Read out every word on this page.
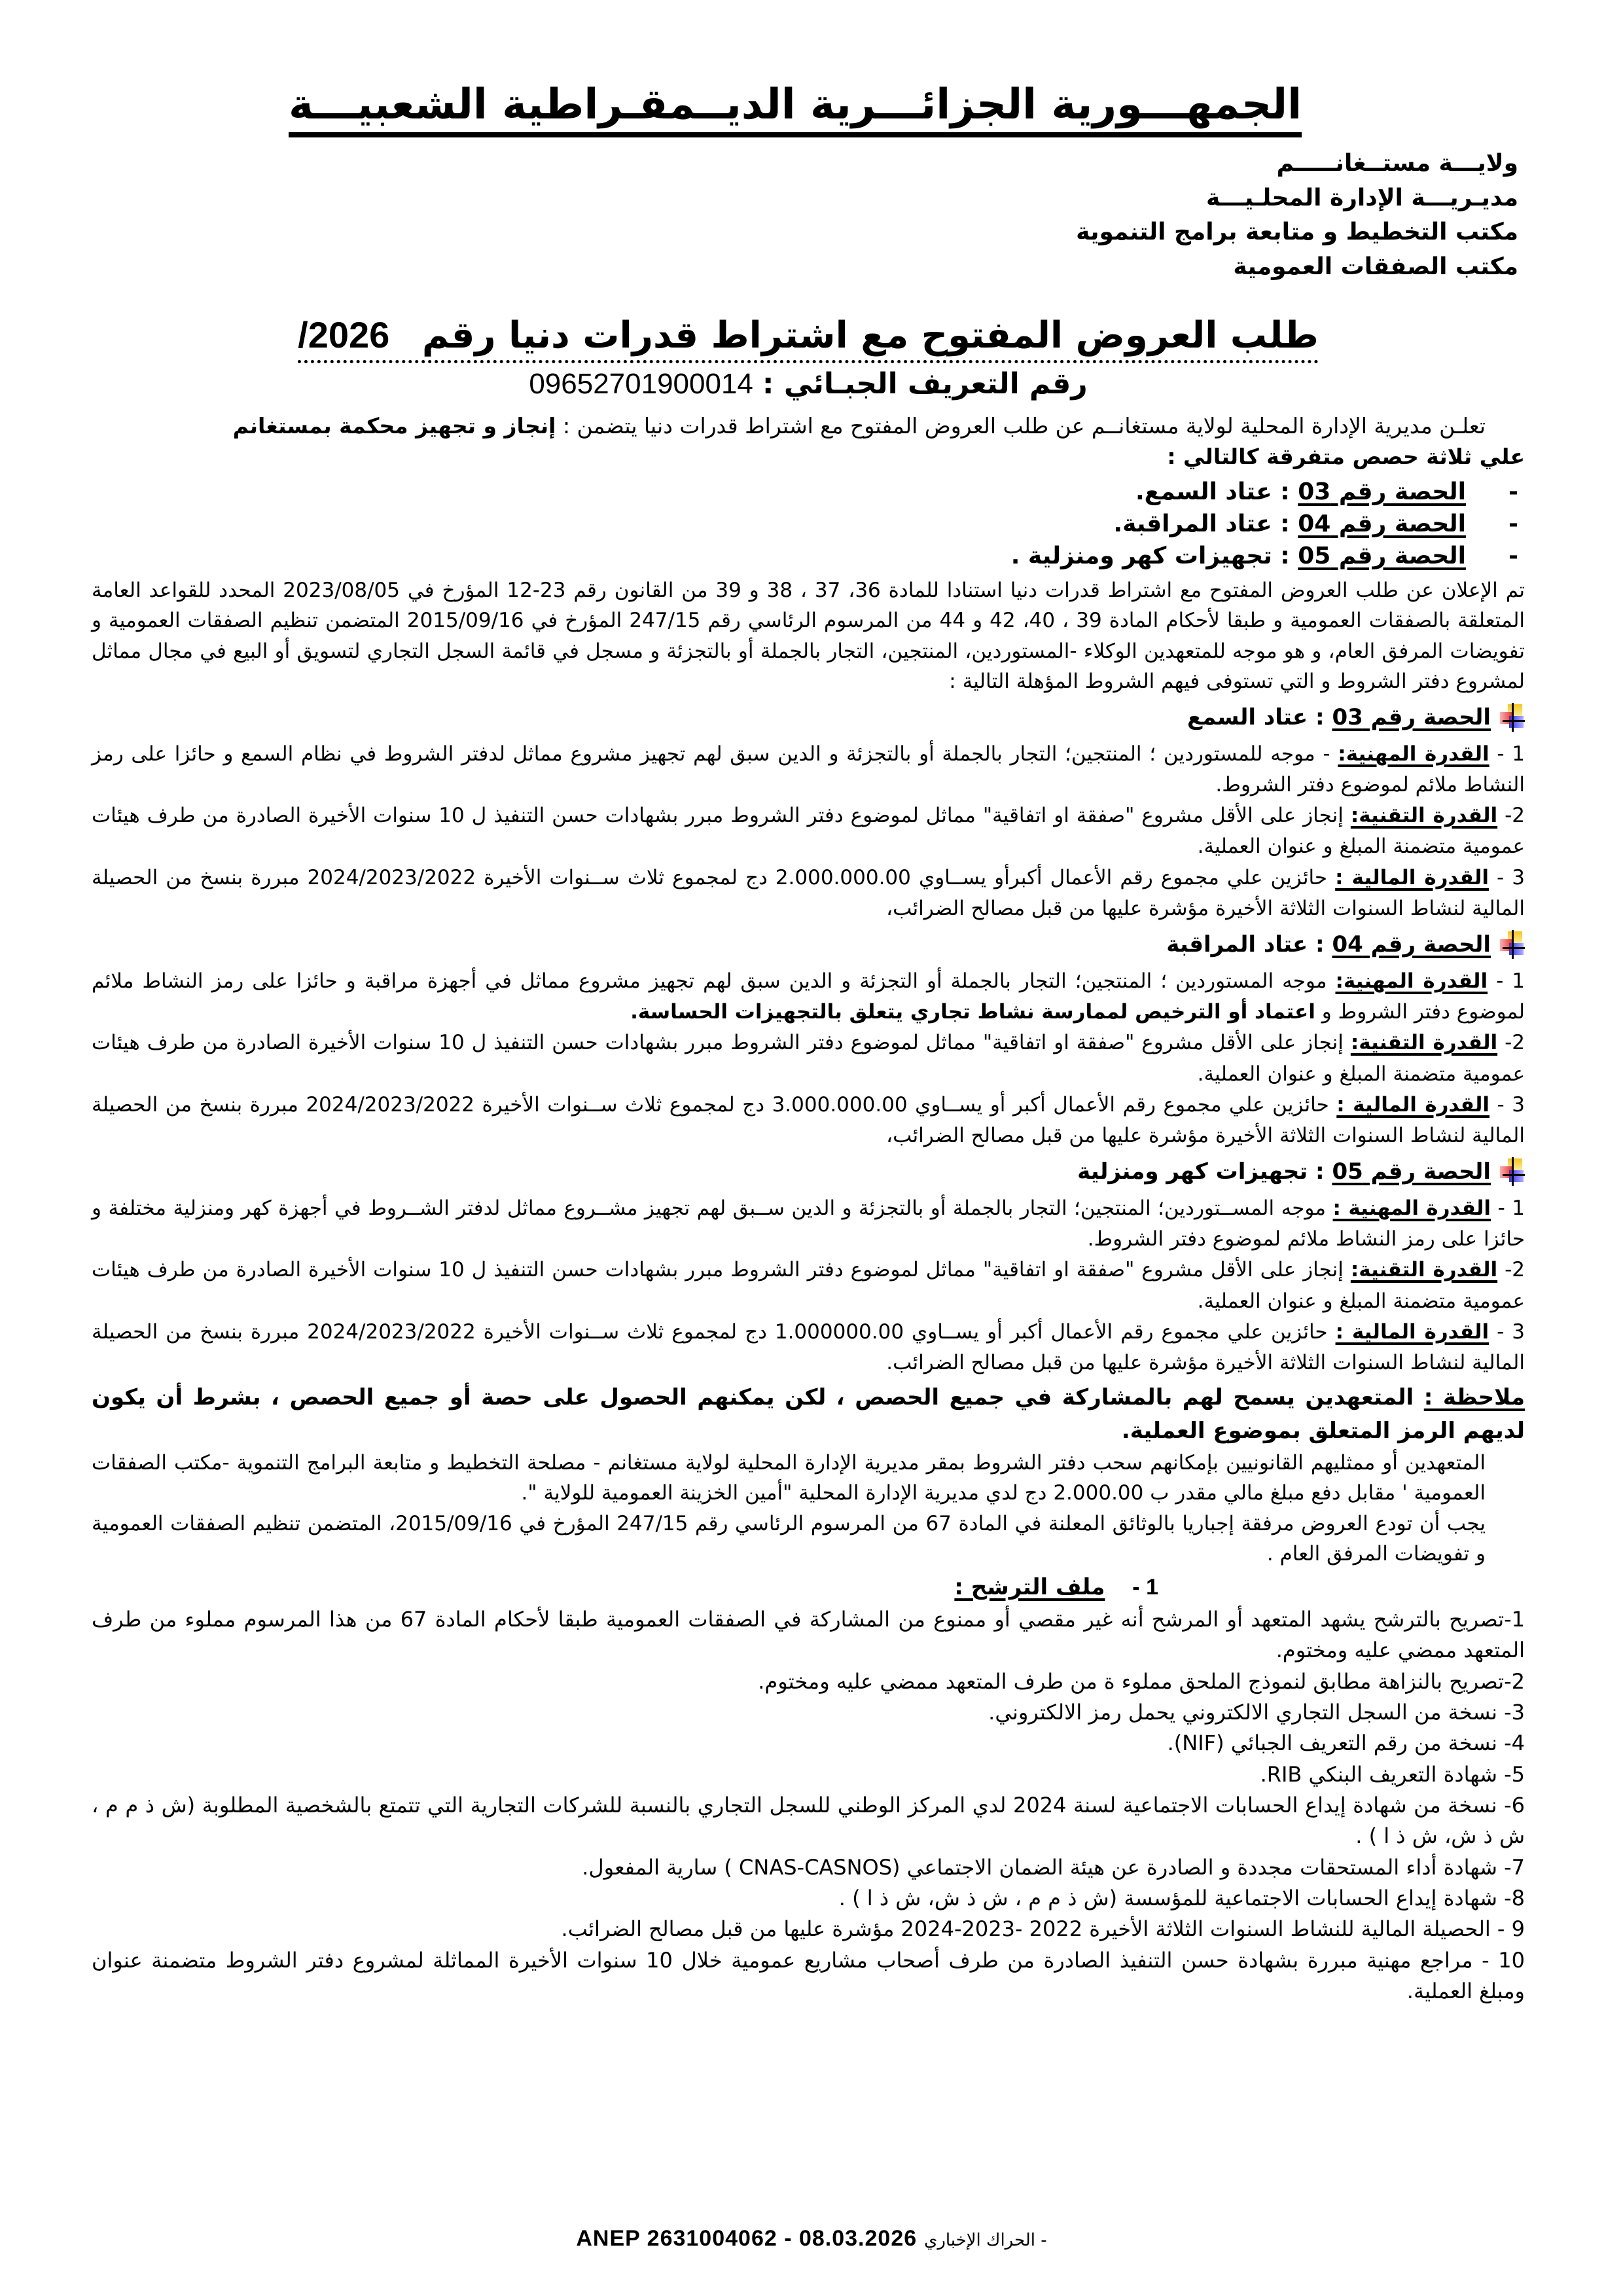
الجمهـــورية الجزائـــرية الديــمقـراطية الشعبيـــة
ولايـــة مستــغانـــــم
مديـريـــة الإدارة المحلـيـــة
مكتب التخطيط و متابعة برامج التنموية
مكتب الصفقات العمومية
طلب العروض المفتوح مع اشتراط قدرات دنيا رقم 2026/
رقم التعريف الجبـائي : 09652701900014
تعلـن مديرية الإدارة المحلية لولاية مستغانــم عن طلب العروض المفتوح مع اشتراط قدرات دنيا يتضمن : إنجاز و تجهيز محكمة بمستغانم
علي ثلاثة حصص متفرقة كالتالي :
- الحصة رقم 03 : عتاد السمع.
- الحصة رقم 04 : عتاد المراقبة.
- الحصة رقم 05 : تجهيزات كهر ومنزلية .
تم الإعلان عن طلب العروض المفتوح مع اشتراط قدرات دنيا استنادا للمادة 36، 37 ، 38 و 39 من القانون رقم 23-12 المؤرخ في 2023/08/05 المحدد للقواعد العامة المتعلقة بالصفقات العمومية و طبقا لأحكام المادة 39 ، 40، 42 و 44 من المرسوم الرئاسي رقم 247/15 المؤرخ في 2015/09/16 المتضمن تنظيم الصفقات العمومية و تفويضات المرفق العام، و هو موجه للمتعهدين الوكلاء -المستوردين، المنتجين، التجار بالجملة أو بالتجزئة و مسجل في قائمة السجل التجاري لتسويق أو البيع في مجال مماثل لمشروع دفتر الشروط و التي تستوفى فيهم الشروط المؤهلة التالية :
الحصة رقم 03 : عتاد السمع
1 - القدرة المهنية: - موجه للمستوردين ؛ المنتجين؛ التجار بالجملة أو بالتجزئة و الدين سبق لهم تجهيز مشروع مماثل لدفتر الشروط في نظام السمع و حائزا على رمز النشاط ملائم لموضوع دفتر الشروط.
2- القدرة التقنية: إنجاز على الأقل مشروع "صفقة او اتفاقية" مماثل لموضوع دفتر الشروط مبرر بشهادات حسن التنفيذ ل 10 سنوات الأخيرة الصادرة من طرف هيئات عمومية متضمنة المبلغ و عنوان العملية.
3 - القدرة المالية : حائزين علي مجموع رقم الأعمال أكبرأو يســاوي 2.000.000.00 دج لمجموع ثلاث ســنوات الأخيرة 2024/2023/2022 مبررة بنسخ من الحصيلة المالية لنشاط السنوات الثلاثة الأخيرة مؤشرة عليها من قبل مصالح الضرائب،
الحصة رقم 04 : عتاد المراقبة
1 - القدرة المهنية: موجه المستوردين ؛ المنتجين؛ التجار بالجملة أو التجزئة و الدين سبق لهم تجهيز مشروع مماثل في أجهزة مراقبة و حائزا على رمز النشاط ملائم لموضوع دفتر الشروط و اعتماد أو الترخيص لممارسة نشاط تجاري يتعلق بالتجهيزات الحساسة.
2- القدرة التقنية: إنجاز على الأقل مشروع "صفقة او اتفاقية" مماثل لموضوع دفتر الشروط مبرر بشهادات حسن التنفيذ ل 10 سنوات الأخيرة الصادرة من طرف هيئات عمومية متضمنة المبلغ و عنوان العملية.
3 - القدرة المالية : حائزين علي مجموع رقم الأعمال أكبر أو يســاوي 3.000.000.00 دج لمجموع ثلاث ســنوات الأخيرة 2024/2023/2022 مبررة بنسخ من الحصيلة المالية لنشاط السنوات الثلاثة الأخيرة مؤشرة عليها من قبل مصالح الضرائب،
الحصة رقم 05 : تجهيزات كهر ومنزلية
1 - القدرة المهنية : موجه المســتوردين؛ المنتجين؛ التجار بالجملة أو بالتجزئة و الدين ســبق لهم تجهيز مشــروع مماثل لدفتر الشــروط في أجهزة كهر ومنزلية مختلفة و حائزا على رمز النشاط ملائم لموضوع دفتر الشروط.
2- القدرة التقنية: إنجاز على الأقل مشروع "صفقة او اتفاقية" مماثل لموضوع دفتر الشروط مبرر بشهادات حسن التنفيذ ل 10 سنوات الأخيرة الصادرة من طرف هيئات عمومية متضمنة المبلغ و عنوان العملية.
3 - القدرة المالية : حائزين علي مجموع رقم الأعمال أكبر أو يســاوي 1.000000.00 دج لمجموع ثلاث ســنوات الأخيرة 2024/2023/2022 مبررة بنسخ من الحصيلة المالية لنشاط السنوات الثلاثة الأخيرة مؤشرة عليها من قبل مصالح الضرائب.
ملاحظة : المتعهدين يسمح لهم بالمشاركة في جميع الحصص ، لكن يمكنهم الحصول على حصة أو جميع الحصص ، بشرط أن يكون لديهم الرمز المتعلق بموضوع العملية.
المتعهدين أو ممثليهم القانونيين بإمكانهم سحب دفتر الشروط بمقر مديرية الإدارة المحلية لولاية مستغانم - مصلحة التخطيط و متابعة البرامج التنموية -مكتب الصفقات العمومية ' مقابل دفع مبلغ مالي مقدر ب 2.000.00 دج لدي مديرية الإدارة المحلية "أمين الخزينة العمومية للولاية ".
يجب أن تودع العروض مرفقة إجباريا بالوثائق المعلنة في المادة 67 من المرسوم الرئاسي رقم 247/15 المؤرخ في 2015/09/16، المتضمن تنظيم الصفقات العمومية و تفويضات المرفق العام .
1 - ملف الترشح :
1-تصريح بالترشح يشهد المتعهد أو المرشح أنه غير مقصي أو ممنوع من المشاركة في الصفقات العمومية طبقا لأحكام المادة 67 من هذا المرسوم مملوء من طرف المتعهد ممضي عليه ومختوم.
2-تصريح بالنزاهة مطابق لنموذج الملحق مملوء ة من طرف المتعهد ممضي عليه ومختوم.
3- نسخة من السجل التجاري الالكتروني يحمل رمز الالكتروني.
4- نسخة من رقم التعريف الجبائي (NIF).
5- شهادة التعريف البنكي RIB.
6- نسخة من شهادة إيداع الحسابات الاجتماعية لسنة 2024 لدي المركز الوطني للسجل التجاري بالنسبة للشركات التجارية التي تتمتع بالشخصية المطلوبة (ش ذ م م ، ش ذ ش، ش ذ ا ) .
7- شهادة أداء المستحقات مجددة و الصادرة عن هيئة الضمان الاجتماعي (CNAS-CASNOS ) سارية المفعول.
8- شهادة إيداع الحسابات الاجتماعية للمؤسسة (ش ذ م م ، ش ذ ش، ش ذ ا ) .
9 - الحصيلة المالية للنشاط السنوات الثلاثة الأخيرة 2022 -2023-2024 مؤشرة عليها من قبل مصالح الضرائب.
10 - مراجع مهنية مبررة بشهادة حسن التنفيذ الصادرة من طرف أصحاب مشاريع عمومية خلال 10 سنوات الأخيرة المماثلة لمشروع دفتر الشروط متضمنة عنوان ومبلغ العملية.
ANEP 2631004062 - 08.03.2026 - الحراك الإخباري
